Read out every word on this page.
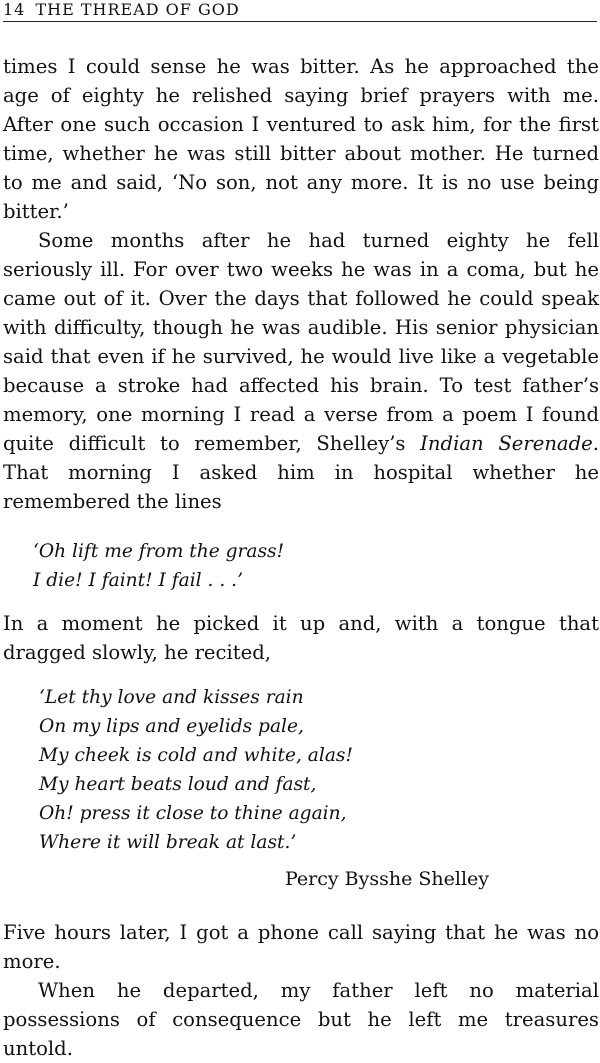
14 THE THREAD OF GOD

times I could sense he was bitter. As he approached the age of eighty he relished saying brief prayers with me. After one such occasion I ventured to ask him, for the first time, whether he was still bitter about mother. He turned to me and said, ‘No son, not any more. It is no use being bitter.’

Some months after he had turned eighty he fell seriously ill. For over two weeks he was in a coma, but he came out of it. Over the days that followed he could speak with difficulty, though he was audible. His senior physician said that even if he survived, he would live like a vegetable because a stroke had affected his brain. To test father’s memory, one morning I read a verse from a poem I found quite difficult to remember, Shelley’s Indian Serenade. That morning I asked him in hospital whether he remembered the lines

‘Oh lift me from the grass!
I die! I faint! I fail . . .’

In a moment he picked it up and, with a tongue that dragged slowly, he recited,

‘Let thy love and kisses rain
On my lips and eyelids pale,
My cheek is cold and white, alas!
My heart beats loud and fast,
Oh! press it close to thine again,
Where it will break at last.’
Percy Bysshe Shelley

Five hours later, I got a phone call saying that he was no more.

When he departed, my father left no material possessions of consequence but he left me treasures untold.
